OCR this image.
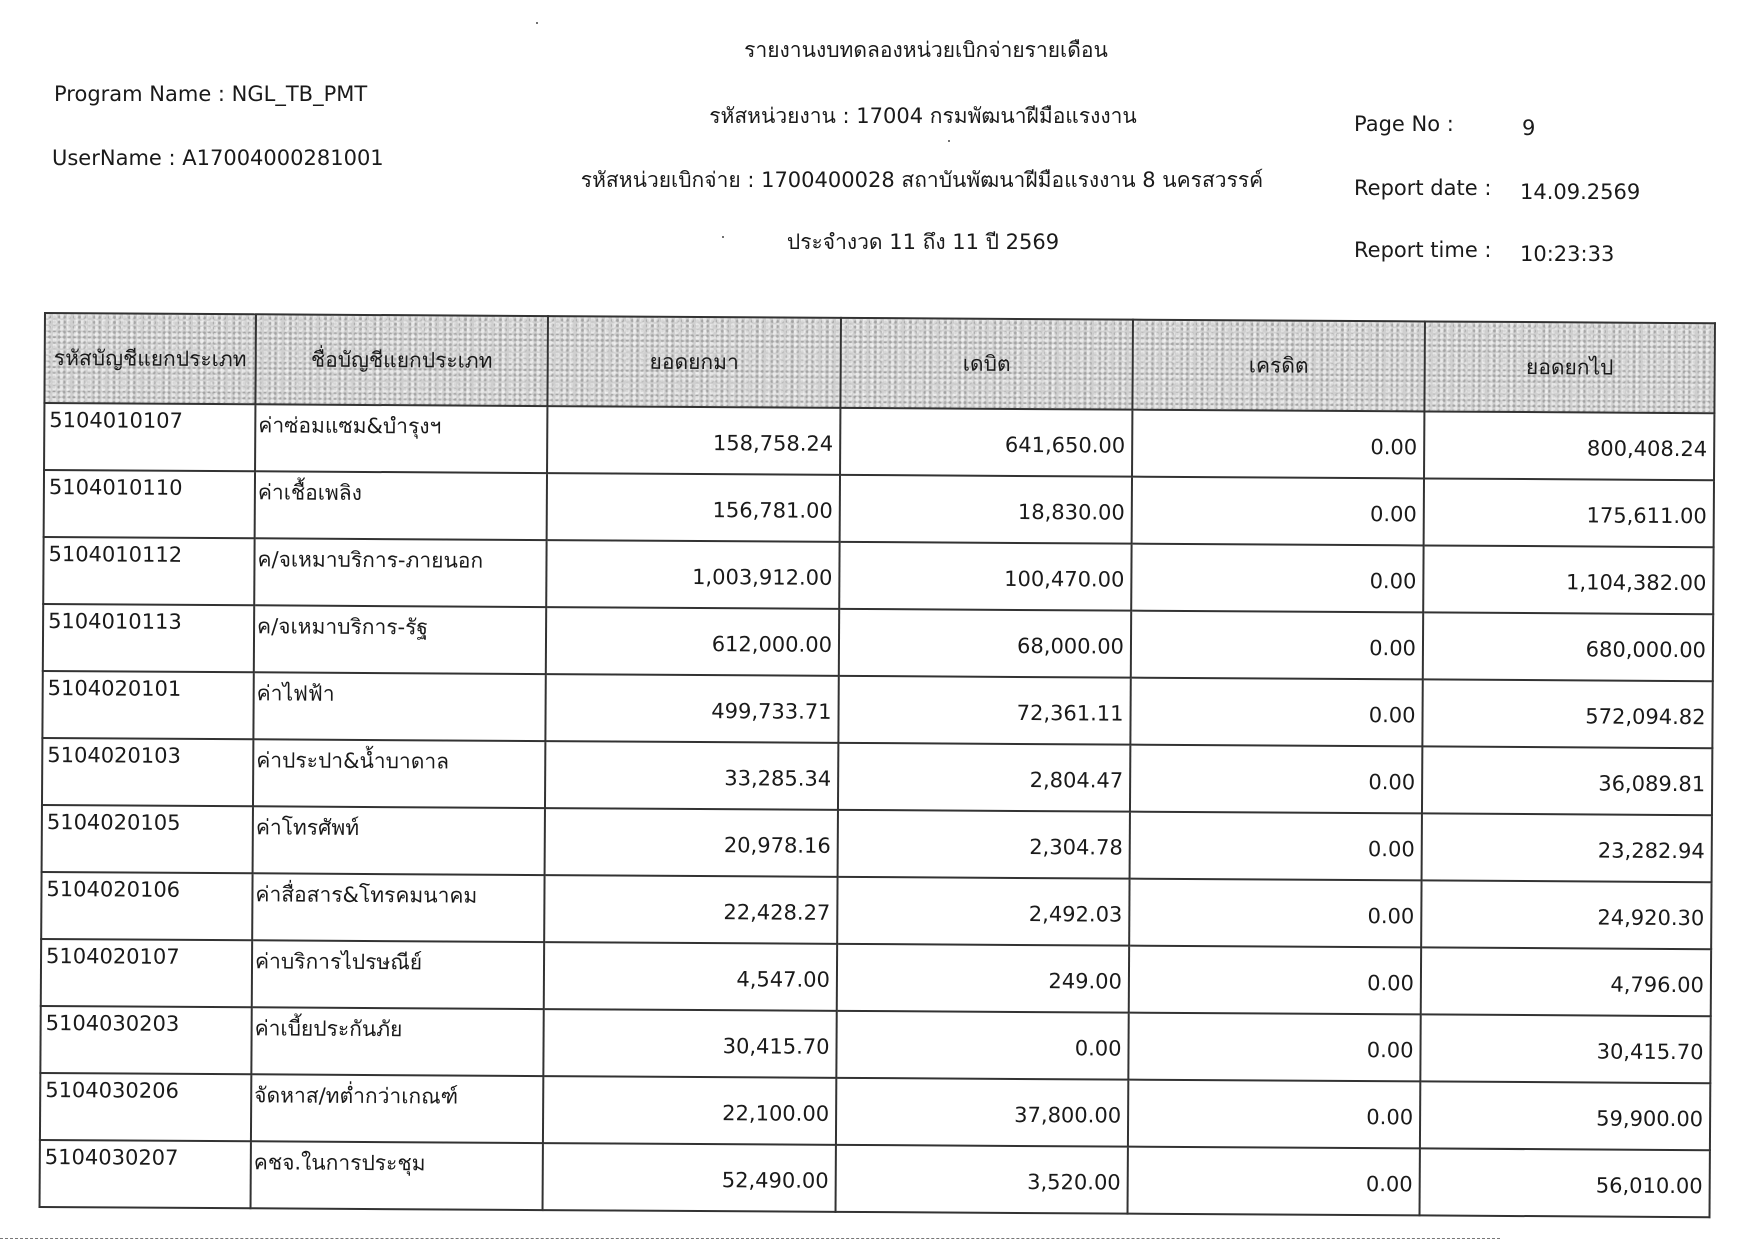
Program Name : NGL_TB_PMT
UserName : A17004000281001
รายงานงบทดลองหน่วยเบิกจ่ายรายเดือน
รหัสหน่วยงาน : 17004 กรมพัฒนาฝีมือแรงงาน
รหัสหน่วยเบิกจ่าย : 1700400028 สถาบันพัฒนาฝีมือแรงงาน 8 นครสวรรค์
ประจำงวด 11 ถึง 11 ปี 2569
Page No :	9
Report date : 14.09.2569
Report time : 10:23:33
รหัสบัญชีแยกประเภท	ชื่อบัญชีแยกประเภท	ยอดยกมา	เดบิต	เครดิต	ยอดยกไป
5104010107	ค่าซ่อมแซม&บำรุงฯ	158,758.24	641,650.00	0.00	800,408.24
5104010110	ค่าเชื้อเพลิง	156,781.00	18,830.00	0.00	175,611.00
5104010112	ค/จเหมาบริการ-ภายนอก	1,003,912.00	100,470.00	0.00	1,104,382.00
5104010113	ค/จเหมาบริการ-รัฐ	612,000.00	68,000.00	0.00	680,000.00
5104020101	ค่าไฟฟ้า	499,733.71	72,361.11	0.00	572,094.82
5104020103	ค่าประปา&น้ำบาดาล	33,285.34	2,804.47	0.00	36,089.81
5104020105	ค่าโทรศัพท์	20,978.16	2,304.78	0.00	23,282.94
5104020106	ค่าสื่อสาร&โทรคมนาคม	22,428.27	2,492.03	0.00	24,920.30
5104020107	ค่าบริการไปรษณีย์	4,547.00	249.00	0.00	4,796.00
5104030203	ค่าเบี้ยประกันภัย	30,415.70	0.00	0.00	30,415.70
5104030206	จัดหาส/ทต่ำกว่าเกณฑ์	22,100.00	37,800.00	0.00	59,900.00
5104030207	คชจ.ในการประชุม	52,490.00	3,520.00	0.00	56,010.00
